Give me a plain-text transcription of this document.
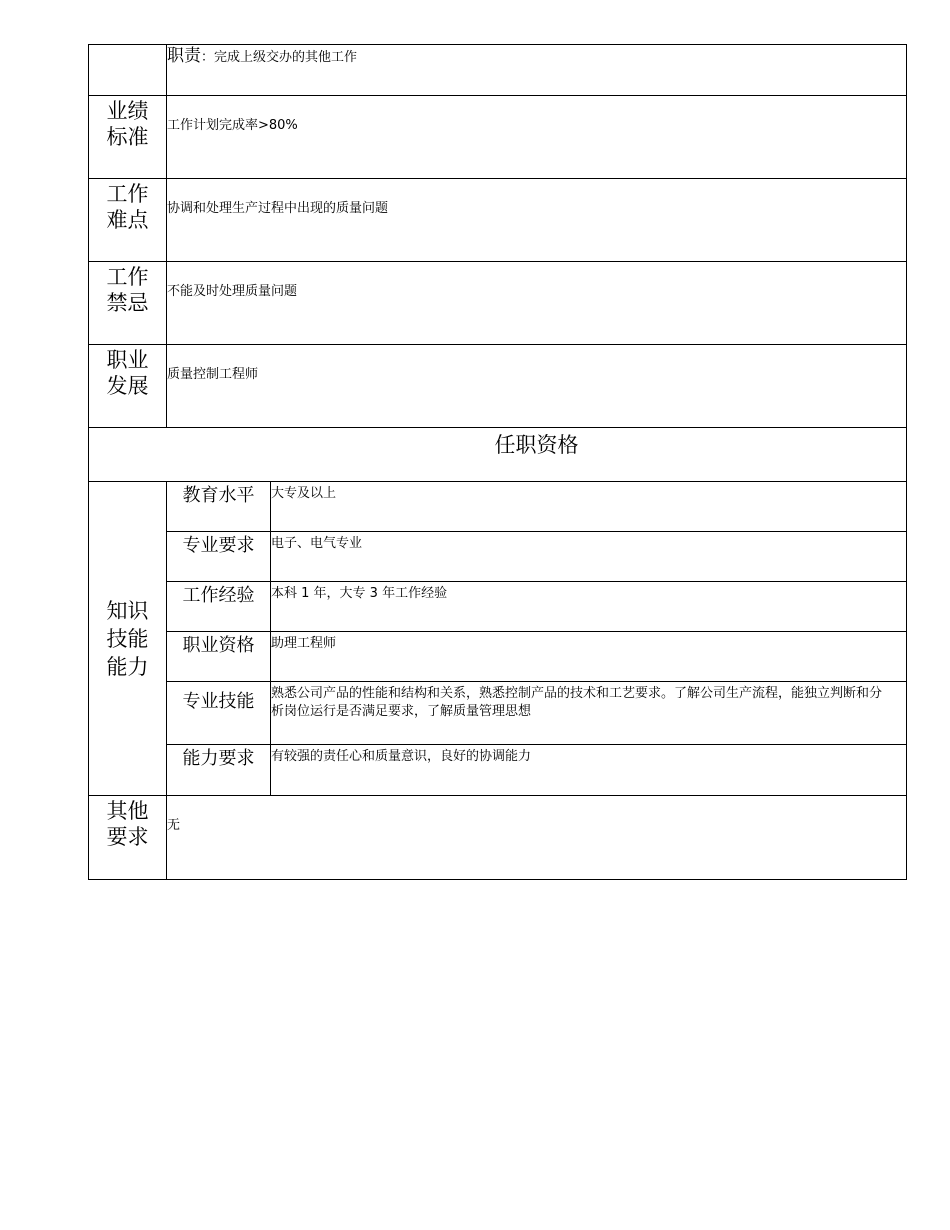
职责：完成上级交办的其他工作
业绩
标准	工作计划完成率>80%
工作
难点	协调和处理生产过程中出现的质量问题
工作
禁忌	不能及时处理质量问题
职业
发展	质量控制工程师
任职资格
知识
技能
能力
教育水平	大专及以上
专业要求	电子、电气专业
工作经验	本科 1 年，大专 3 年工作经验
职业资格	助理工程师
专业技能	熟悉公司产品的性能和结构和关系，熟悉控制产品的技术和工艺要求。了解公司生产流程，能独立判断和分析岗位运行是否满足要求，了解质量管理思想
能力要求	有较强的责任心和质量意识，良好的协调能力
其他
要求	无
